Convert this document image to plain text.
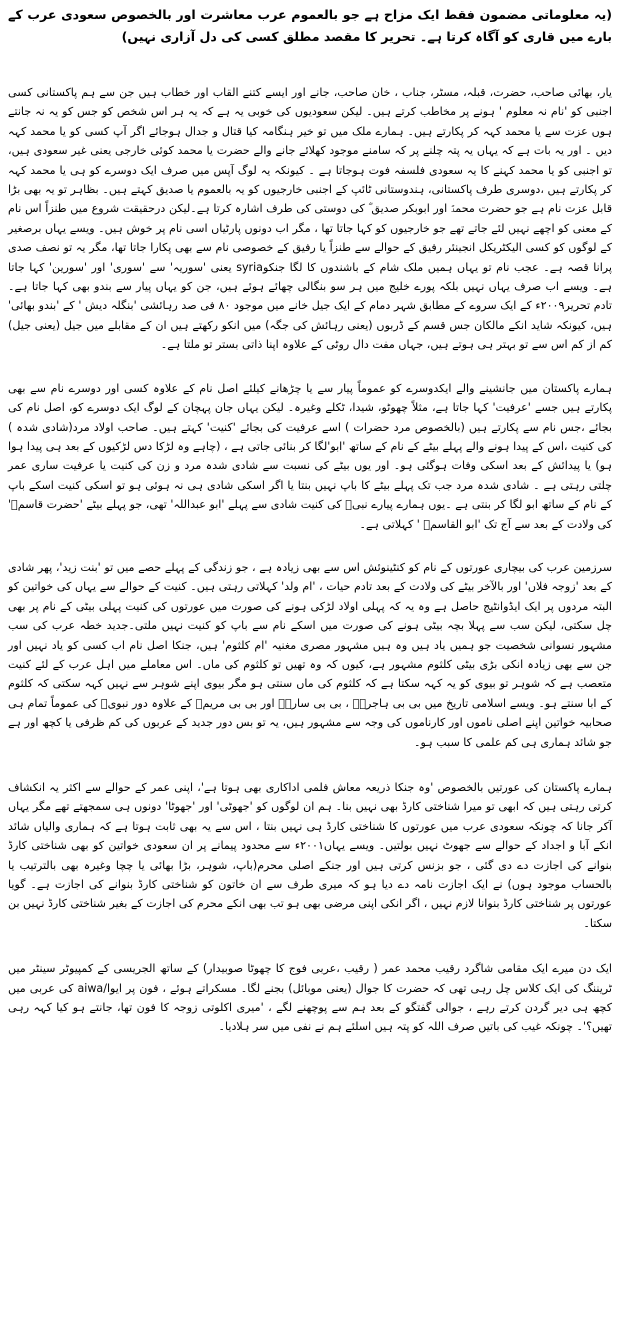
(یہ معلوماتی مضمون فقط ایک مزاح ہے جو بالعموم عرب معاشرت اور بالخصوص سعودی عرب کے بارے میں قاری کو آگاہ کرتا ہے۔ تحریر کا مقصد مطلق کسی کی دل آزاری نہیں)

یار، بھائی صاحب، حضرت، قبلہ، مسٹر، جناب ، خان صاحب، جانے اور ایسے کتنے القاب اور خطاب ہیں جن سے ہم پاکستانی کسی اجنبی کو 'نام نہ معلوم ' ہونے پر مخاطب کرتے ہیں۔ لیکن سعودیوں کی خوبی یہ ہے کہ یہ ہر اس شخص کو جس کو یہ نہ جانتے ہوں عزت سے یا محمد کہہ کر پکارتے ہیں۔ ہمارے ملک میں تو خیر ہنگامہ کیا قتال و جدال ہوجائے اگر آپ کسی کو یا محمد کہہ دیں ۔ اور یہ بات ہے کہ یہاں یہ پتہ چلنے پر کہ سامنے موجود کھلائے جانے والے حضرت یا محمد کوئی خارجی یعنی غیر سعودی ہیں، تو اجنبی کو یا محمد کہنے کا یہ سعودی فلسفہ فوت ہوجاتا ہے ۔ کیونکہ یہ لوگ آپس میں صرف ایک دوسرے کو ہی یا محمد کہہ کر پکارتے ہیں ،دوسری طرف پاکستانی، ہندوستانی ٹائپ کے اجنبی خارجیوں کو یہ بالعموم یا صدیق کہتے ہیں۔ بظاہر تو یہ بھی بڑا قابل عزت نام ہے جو حضرت محمدؐ اور ابوبکر صدیق ؓ کی دوستی کی طرف اشارہ کرتا ہے۔لیکن درحقیقت شروع میں طنزاً اس نام کے معنی کو اچھے نہیں لئے جاتے تھے جو خارجیوں کو کہا جاتا تھا ، مگر اب دونوں پارٹیاں اسی نام پر خوش ہیں۔ ویسے یہاں برصغیر کے لوگوں کو کسی الیکٹریکل انجینئر رفیق کے حوالے سے طنزاً یا رفیق کے خصوصی نام سے بھی پکارا جاتا تھا، مگر یہ تو نصف صدی پرانا قصہ ہے۔ عجب نام تو یہاں ہمیں ملک شام کے باشندوں کا لگا جنکوsyria یعنی 'سوریہ' سے 'سوری' اور 'سورین' کہا جاتا ہے۔ ویسے اب صرف یہاں نہیں بلکہ پورے خلیج میں ہر سو بنگالی چھائے ہوئے ہیں، جن کو یہاں پیار سے بندو بھی کہا جاتا ہے۔ تادم تحریر۲۰۰۹ء کے ایک سروے کے مطابق شہر دمام کے ایک جیل خانے میں موجود ۸۰ فی صد رہائشی 'بنگلہ دیش ' کے 'بندو بھائی' ہیں، کیونکہ شاید انکے مالکان جس قسم کے ڈربوں (یعنی رہائش کی جگہ) میں انکو رکھتے ہیں ان کے مقابلے میں جیل (یعنی جیل) کم از کم اس سے تو بہتر ہی ہوتے ہیں، جہاں مفت دال روٹی کے علاوہ اپنا ذاتی بستر تو ملتا ہے۔

ہمارے پاکستان میں جانشینے والے ایکدوسرے کو عموماً پیار سے یا چڑھانے کیلئے اصل نام کے علاوہ کسی اور دوسرے نام سے بھی پکارتے ہیں جسے 'عرفیت' کہا جاتا ہے، مثلاً چھوٹو، شیدا، ٹکلے وغیرہ۔ لیکن یہاں جان پہچان کے لوگ ایک دوسرے کو، اصل نام کی بجائے ،جس نام سے پکارتے ہیں (بالخصوص مرد حضرات ) اسے عرفیت کی بجائے 'کنیت' کہتے ہیں۔ صاحب اولاد مرد(شادی شدہ ) کی کنیت ،اس کے پیدا ہونے والے پہلے بیٹے کے نام کے ساتھ 'ابو'لگا کر بنائی جاتی ہے ، (چاہے وہ لڑکا دس لڑکیوں کے بعد ہی پیدا ہوا ہو) یا پیدائش کے بعد اسکی وفات ہوگئی ہو۔ اور یوں بیٹے کی نسبت سے شادی شدہ مرد و زن کی کنیت یا عرفیت ساری عمر چلتی رہتی ہے ۔ شادی شدہ مرد جب تک پہلے بیٹے کا باپ نہیں بنتا یا اگر اسکی شادی ہی نہ ہوئی ہو تو اسکی کنیت اسکے باپ کے نام کے ساتھ ابو لگا کر بنتی ہے ۔یوں ہمارے پیارے نبیؐ کی کنیت شادی سے پہلے 'ابو عبداللہ' تھی، جو پہلے بیٹے 'حضرت قاسمؑ' کی ولادت کے بعد سے آج تک 'ابو القاسمؐ ' کہلاتی ہے۔

سرزمین عرب کی بیچاری عورتوں کے نام کو کنٹینوئش اس سے بھی زیادہ ہے ، جو زندگی کے پہلے حصے میں تو 'بنت زید'، پھر شادی کے بعد 'زوجہ فلاں' اور بالآخر بیٹے کی ولادت کے بعد تادم حیات ، 'ام ولد' کہلاتی رہتی ہیں۔ کنیت کے حوالے سے یہاں کی خواتین کو البتہ مردوں پر ایک ایڈوانٹیج حاصل ہے وہ یہ کہ پہلی اولاد لڑکی ہونے کی صورت میں عورتوں کی کنیت پہلی بیٹی کے نام پر بھی چل سکتی، لیکن سب سے پہلا بچہ بیٹی ہونے کی صورت میں اسکے نام سے باپ کو کنیت نہیں ملتی۔جدید خطہ عرب کی سب مشہور نسوانی شخصیت جو ہمیں یاد ہیں وہ ہیں مشہور مصری مغنیہ 'ام کلثوم' ہیں، جنکا اصل نام اب کسی کو یاد نہیں اور جن سے بھی زیادہ انکی بڑی بیٹی کلثوم مشہور ہے، کیوں کہ وہ تھیں تو کلثوم کی ماں۔ اس معاملے میں اہل عرب کے لئے کنیت متعصب ہے کہ شوہر تو بیوی کو یہ کہہ سکتا ہے کہ کلثوم کی ماں سنتی ہو مگر بیوی اپنے شوہر سے نہیں کہہ سکتی کہ کلثوم کے ابا سنتے ہو۔ ویسے اسلامی تاریخ میں بی بی ہاجرہؑ ، بی بی سارہؑ اور بی بی مریمؑ کے علاوہ دور نبویؐ کی عموماً تمام ہی صحابیہ خواتین اپنے اصلی ناموں اور کارناموں کی وجہ سے مشہور ہیں، یہ تو بس دور جدید کے عربوں کی کم ظرفی یا کچھ اور ہے جو شائد ہماری ہی کم علمی کا سبب ہو۔

ہمارے پاکستان کی عورتیں بالخصوص 'وہ جنکا ذریعہ معاش فلمی اداکاری بھی ہوتا ہے'، اپنی عمر کے حوالے سے اکثر یہ انکشاف کرتی رہتی ہیں کہ ابھی تو میرا شناختی کارڈ بھی نہیں بنا۔ ہم ان لوگوں کو 'جھوٹی' اور 'جھوٹا' دونوں ہی سمجھتے تھے مگر یہاں آکر جانا کہ چونکہ سعودی عرب میں عورتوں کا شناختی کارڈ ہی نہیں بنتا ، اس سے یہ بھی ثابت ہوتا ہے کہ ہماری والیاں شائد انکے آبا و اجداد کے حوالے سے جھوٹ نہیں بولتیں۔ ویسے یہاں۲۰۰۱ء سے محدود پیمانے پر ان سعودی خواتین کو بھی شناختی کارڈ بنوانے کی اجازت دے دی گئی ، جو بزنس کرتی ہیں اور جنکے اصلی محرم(باپ، شوہر، بڑا بھائی یا چچا وغیرہ بھی بالترتیب یا بالحساب موجود ہوں) نے ایک اجازت نامہ دے دیا ہو کہ میری طرف سے ان خاتون کو شناختی کارڈ بنوانے کی اجازت ہے۔ گویا عورتوں پر شناختی کارڈ بنوانا لازم نہیں ، اگر انکی اپنی مرضی بھی ہو تب بھی انکے محرم کی اجازت کے بغیر شناختی کارڈ نہیں بن سکتا۔

ایک دن میرے ایک مقامی شاگرد رقیب محمد عمر ( رقیب ،عربی فوج کا چھوٹا صوبیدار) کے ساتھ الجریسی کے کمپیوٹر سینٹر میں ٹریننگ کی ایک کلاس چل رہی تھی کہ حضرت کا جوال (یعنی موبائل) بجنے لگا۔ مسکراتے ہوئے ، فون پر ایوا/aiwa کی عربی میں کچھ ہی دیر گردن کرتے رہے ، جوالی گفتگو کے بعد ہم سے پوچھنے لگے ، 'میری اکلوتی زوجہ کا فون تھا، جانتے ہو کیا کہہ رہی تھیں؟'۔ چونکہ غیب کی باتیں صرف اللہ کو پتہ ہیں اسلئے ہم نے نفی میں سر ہلادیا۔
